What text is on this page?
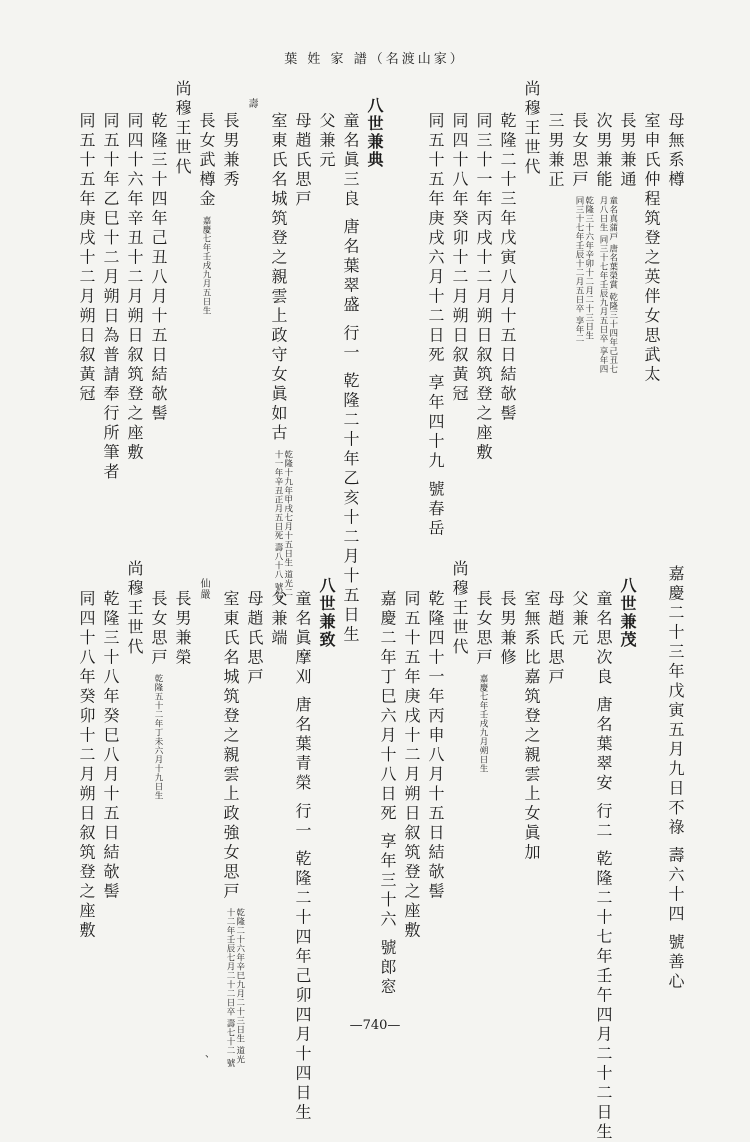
葉 姓 家 譜（名渡山家）
母無系樽
室申氏仲程筑登之英伴女思武太
長男兼通
次男兼能
童名真蒲戸 唐名葉榮賞 乾隆三十四年己丑七
月八日生 同三十七年壬辰九月五日卒 享年四
長女思戸
乾隆三十六年辛卯十二月二十三日生
同三十七年壬辰十二月五日卒 享年二
三男兼正
尚穆王世代
乾隆二十三年戊寅八月十五日結欹髻
同三十一年丙戌十二月朔日叙筑登之座敷
同四十八年癸卯十二月朔日叙黃冠
同五十五年庚戌六月十二日死 享年四十九 號春岳
八世兼典
童名眞三良 唐名葉翠盛 行一 乾隆二十年乙亥十二月十五日生
父兼元
母趙氏思戸
室東氏名城筑登之親雲上政守女眞如古
乾隆十九年甲戌七月十五日生 道光二
十一年辛丑正月五日死 壽八十八 號春
壽
長男兼秀
長女武樽金
嘉慶七年壬戌九月五日生
尚穆王世代
乾隆三十四年己丑八月十五日結欹髻
同四十六年辛丑十二月朔日叙筑登之座敷
同五十年乙巳十二月朔日為普請奉行所筆者
同五十五年庚戌十二月朔日叙黃冠
嘉慶二十三年戊寅五月九日不祿 壽六十四 號善心
八世兼茂
童名思次良 唐名葉翠安 行二 乾隆二十七年壬午四月二十二日生
父兼元
母趙氏思戸
室無系比嘉筑登之親雲上女眞加
長男兼修
長女思戸
嘉慶七年壬戌九月朔日生
尚穆王世代
乾隆四十一年丙申八月十五日結欹髻
同五十五年庚戌十二月朔日叙筑登之座敷
嘉慶二年丁巳六月十八日死 享年三十六 號郎窓
八世兼致
童名眞摩刈 唐名葉青榮 行一 乾隆二十四年己卯四月十四日生
父兼端
母趙氏思戸
室東氏名城筑登之親雲上政強女思戸
乾隆二十六年辛巳九月二十三日生 道光
十二年壬辰七月二十二日卒 壽七十二 號
仙嚴
長男兼榮
長女思戸
乾隆五十二年丁未六月十九日生
尚穆王世代
乾隆三十八年癸巳八月十五日結欹髻
同四十八年癸卯十二月朔日叙筑登之座敷
—740—
、
